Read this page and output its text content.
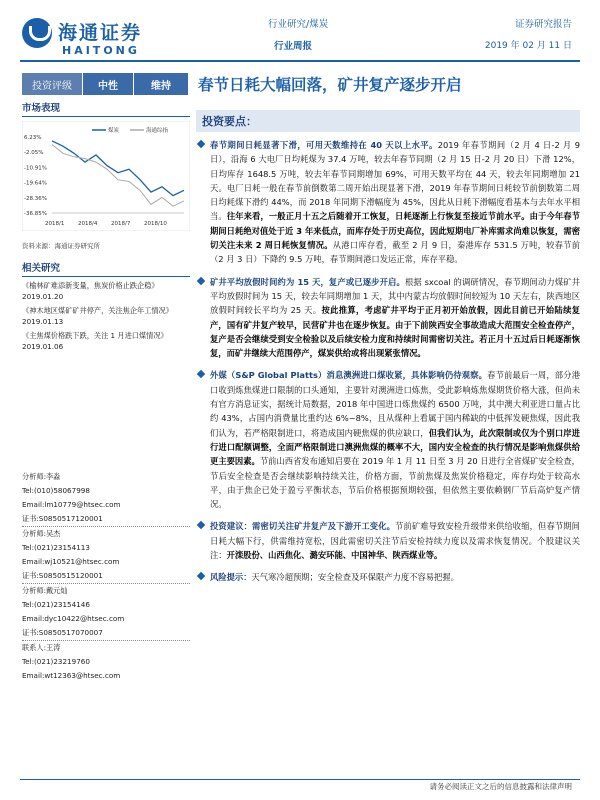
海通证券
HAITONG
行业研究/煤炭
行业周报
证券研究报告
2019 年 02 月 11 日
投资评级	中性	维持	春节日耗大幅回落，矿井复产逐步开启
市场表现
6.23%
-2.05%
-10.91%
-19.64%
-28.36%
-36.85%
2018/1 2018/4 2018/7 2018/10
煤炭	海通综指
资料来源：海通证券研究所
相关研究
《榆林矿难添新变量，焦炭价格止跌企稳》
2019.01.20
《神木地区煤矿矿井停产，关注焦企年工情况》
2019.01.13
《主焦煤价格跌下跌，关注 1 月进口煤情况》
2019.01.06
分析师:李淼
Tel:(010)58067998
Email:lm10779@htsec.com
证书:S0850517120001
分析师:吴杰
Tel:(021)23154113
Email:wj10521@htsec.com
证书:S0850515120001
分析师:戴元灿
Tel:(021)23154146
Email:dyc10422@htsec.com
证书:S0850517070007
联系人:王涛
Tel:(021)23219760
Email:wt12363@htsec.com
投资要点：
春节期间日耗显著下滑，可用天数维持在 40 天以上水平。2019 年春节期间（2 月 4 日-2 月 9 日），沿海 6 大电厂日均耗煤为 37.4 万吨，较去年春节同期（2 月 15 日-2 月 20 日）下滑 12%，日均库存 1648.5 万吨，较去年春节同期增加 69%，可用天数平均在 44 天，较去年同期增加 21 天。电厂日耗一般在春节前倒数第二周开始出现显著下滑，2019 年春节期间日耗较节前倒数第二周日均耗煤下滑约 44%，而 2018 年同期下滑幅度为 45%，因此从日耗下滑幅度看基本与去年水平相当。往年来看，一般正月十五之后随着开工恢复，日耗逐渐上行恢复至接近节前水平。由于今年春节期间日耗绝对值处于近 3 年来低点，而库存处于历史高位，因此短期电厂补库需求尚难以恢复，需密切关注未来 2 周日耗恢复情况。从港口库存看，截至 2 月 9 日，秦港库存 531.5 万吨，较春节前（2 月 3 日）下降约 9.5 万吨，春节期间港口发运正常，库存平稳。
矿井平均放假时间约为 15 天，复产或已逐步开启。根据 sxcoal 的调研情况，春节期间动力煤矿井平均放假时间为 15 天，较去年同期增加 1 天，其中内蒙古均放假时间较短为 10 天左右，陕西地区放假时间较长平均为 25 天。按此推算，考虑矿井平均于正月初开始放假，因此目前已开始陆续复产，国有矿井复产较早，民营矿井也在逐步恢复。由于下前陕西安全事故造成大范围安全检查停产，复产是否会继续受到安全检验以及后续安检力度和持续时间需密切关注。若正月十五过后日耗逐渐恢复，而矿井继续大范围停产，煤炭供给或将出现紧张情况。
外媒（S&P Global Platts）消息澳洲进口煤收紧，具体影响仍待观察。春节前最后一周，部分港口收到炼焦煤进口限制的口头通知，主要针对澳洲进口炼焦，受此影响炼焦煤期货价格大涨，但尚未有官方消息证实，据统计局数据，2018 年中国进口炼焦煤约 6500 万吨，其中澳大利亚进口量占比约 43%，占国内消费量比重约达 6%~8%，且从煤种上看属于国内稀缺的中低挥发硬焦煤，因此我们认为，若严格限制进口，将造成国内硬焦煤的供应缺口，但我们认为，此次限制或仅为个别口岸进行进口配额调整，全面严格限制进口澳洲焦煤的概率不大，国内安全检查的执行情况是影响焦煤供给更主要因素。节前山西省发布通知启要在 2019 年 1 月 11 日至 3 月 20 日进行全省煤矿安全检查，节后安全检查是否会继续影响持续关注，价格方面，节前焦煤及焦炭价格稳定，库存均处于较高水平，由于焦企已处于盈亏平衡状态，节后价格根据预期较强，但依然主要依赖钢厂节后高炉复产情况。
投资建议：需密切关注矿井复产及下游开工变化。节前矿难导致安检升级带来供给收缩，但春节期间日耗大幅下行，供需维持宽松，因此需密切关注节后安检持续力度以及需求恢复情况。个股建议关注：开滦股份、山西焦化、潞安环能、中国神华、陕西煤业等。
风险提示：天气寒冷超预期；安全检查及环保限产力度不容易把握。
请务必阅读正文之后的信息披露和法律声明
